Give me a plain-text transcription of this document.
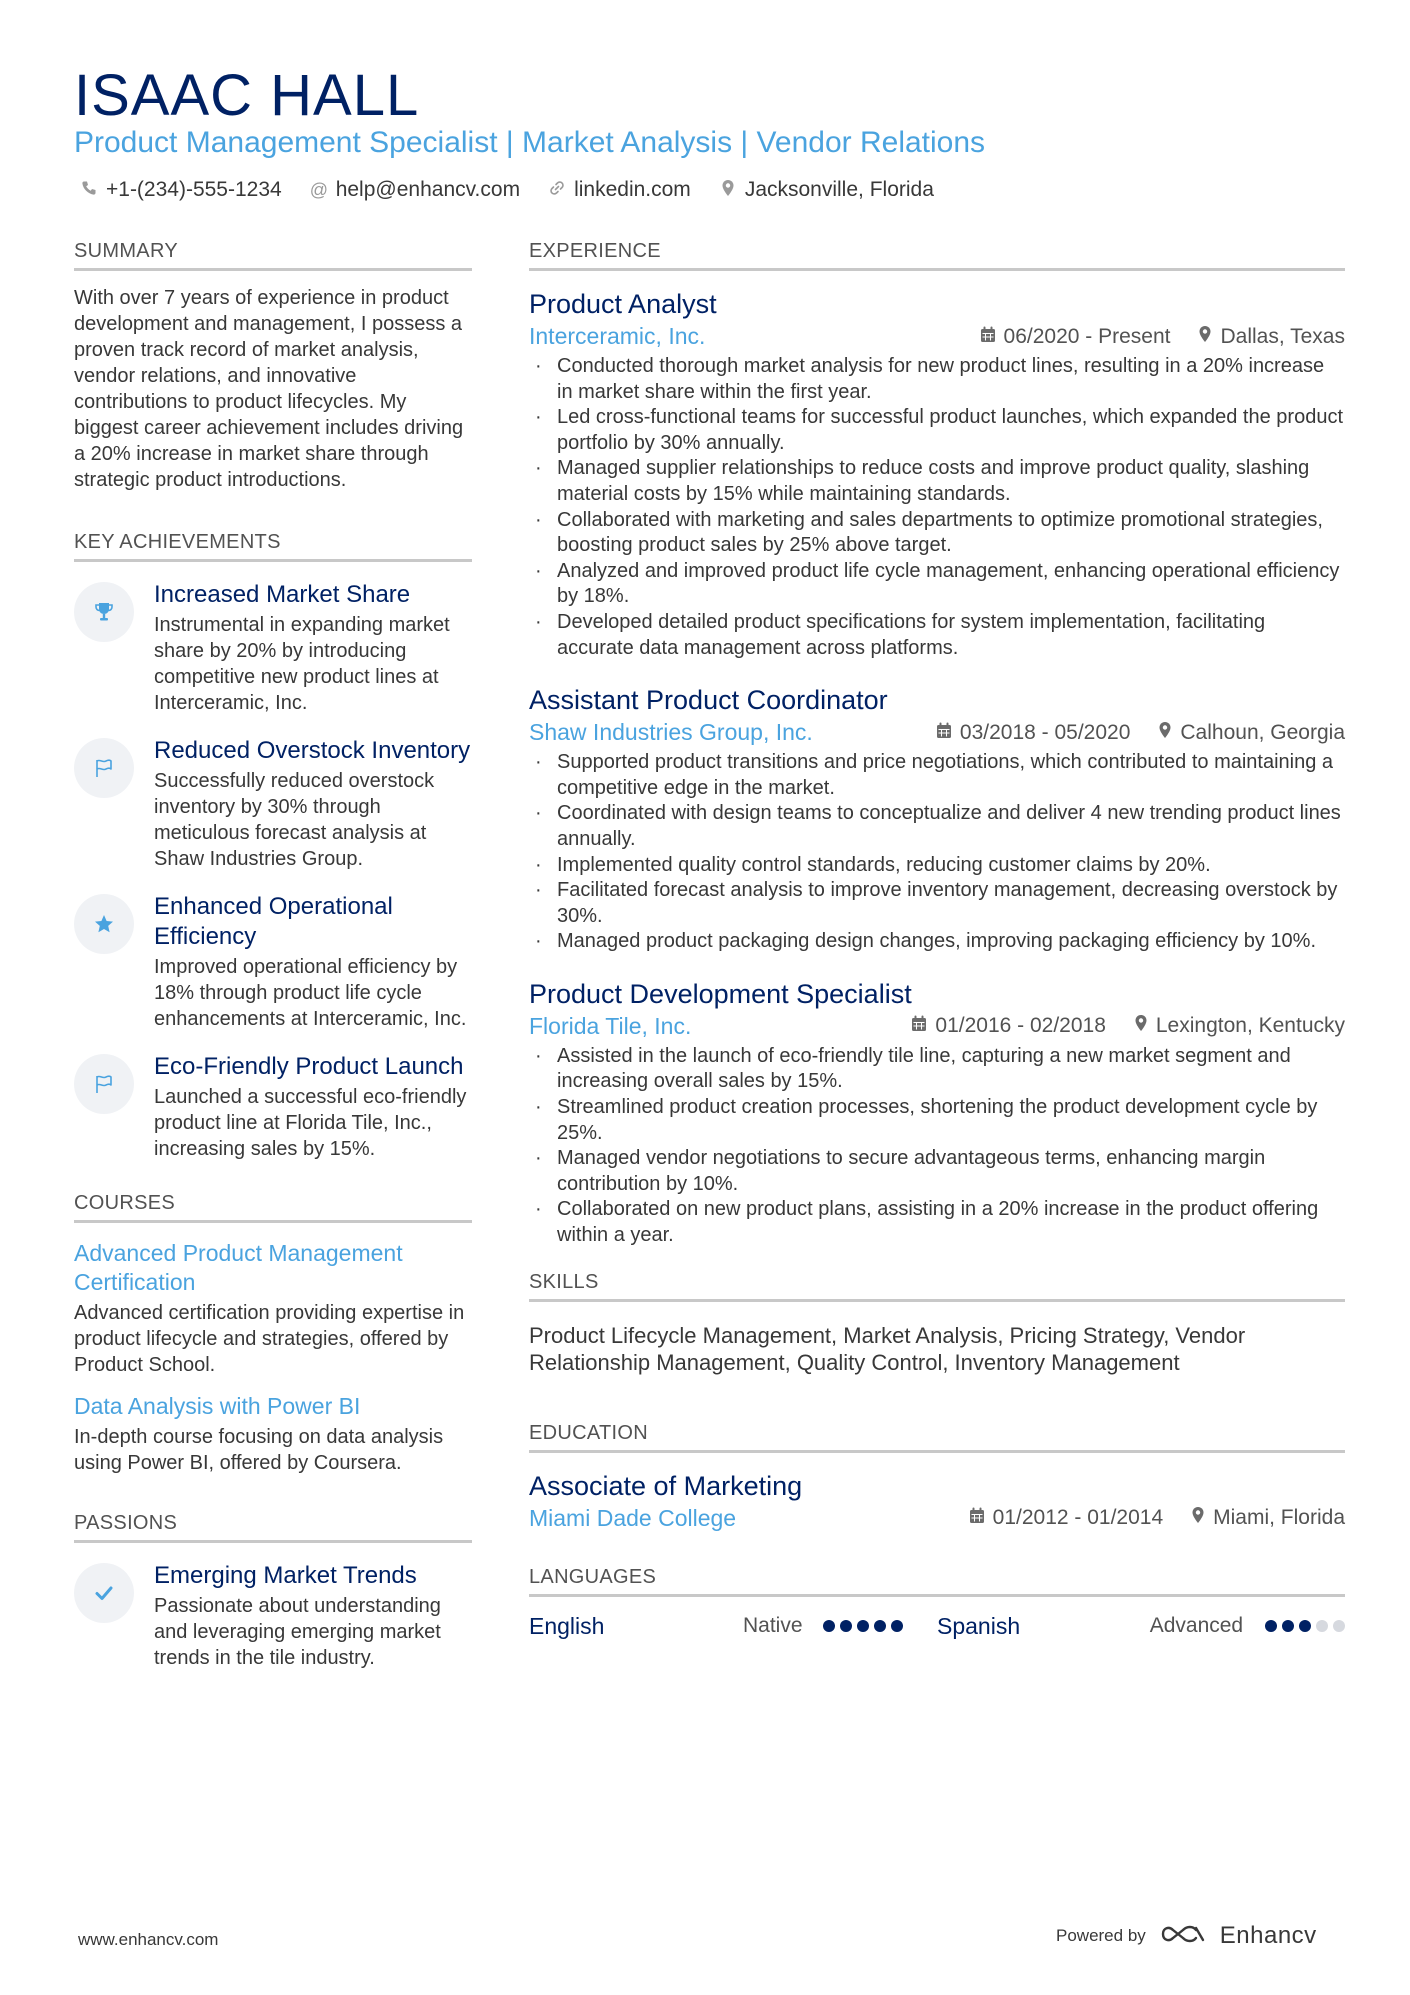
ISAAC HALL
Product Management Specialist | Market Analysis | Vendor Relations
+1-(234)-555-1234 @ help@enhancv.com	linkedin.com	Jacksonville, Florida
SUMMARY
With over 7 years of experience in product development and management, I possess a proven track record of market analysis, vendor relations, and innovative contributions to product lifecycles. My biggest career achievement includes driving a 20% increase in market share through strategic product introductions.
KEY ACHIEVEMENTS
Increased Market Share
Instrumental in expanding market share by 20% by introducing competitive new product lines at Interceramic, Inc.
Reduced Overstock Inventory
Successfully reduced overstock inventory by 30% through meticulous forecast analysis at Shaw Industries Group.
Enhanced Operational Efficiency
Improved operational efficiency by 18% through product life cycle enhancements at Interceramic, Inc.
Eco-Friendly Product Launch
Launched a successful eco-friendly product line at Florida Tile, Inc., increasing sales by 15%.
COURSES
Advanced Product Management Certification
Advanced certification providing expertise in product lifecycle and strategies, offered by Product School.
Data Analysis with Power BI
In-depth course focusing on data analysis using Power BI, offered by Coursera.
PASSIONS
Emerging Market Trends
Passionate about understanding and leveraging emerging market trends in the tile industry.
EXPERIENCE
Product Analyst
Interceramic, Inc.	06/2020 - Present Dallas, Texas
· Conducted thorough market analysis for new product lines, resulting in a 20% increase in market share within the first year.
· Led cross-functional teams for successful product launches, which expanded the product portfolio by 30% annually.
· Managed supplier relationships to reduce costs and improve product quality, slashing material costs by 15% while maintaining standards.
· Collaborated with marketing and sales departments to optimize promotional strategies, boosting product sales by 25% above target.
· Analyzed and improved product life cycle management, enhancing operational efficiency by 18%.
· Developed detailed product specifications for system implementation, facilitating accurate data management across platforms.
Assistant Product Coordinator
Shaw Industries Group, Inc.	03/2018 - 05/2020 Calhoun, Georgia
· Supported product transitions and price negotiations, which contributed to maintaining a competitive edge in the market.
· Coordinated with design teams to conceptualize and deliver 4 new trending product lines annually.
· Implemented quality control standards, reducing customer claims by 20%.
· Facilitated forecast analysis to improve inventory management, decreasing overstock by 30%.
· Managed product packaging design changes, improving packaging efficiency by 10%.
Product Development Specialist
Florida Tile, Inc.	01/2016 - 02/2018 Lexington, Kentucky
· Assisted in the launch of eco-friendly tile line, capturing a new market segment and increasing overall sales by 15%.
· Streamlined product creation processes, shortening the product development cycle by 25%.
· Managed vendor negotiations to secure advantageous terms, enhancing margin contribution by 10%.
· Collaborated on new product plans, assisting in a 20% increase in the product offering within a year.
SKILLS
Product Lifecycle Management, Market Analysis, Pricing Strategy, Vendor Relationship Management, Quality Control, Inventory Management
EDUCATION
Associate of Marketing
Miami Dade College	01/2012 - 01/2014 Miami, Florida
LANGUAGES
English	Native	Spanish	Advanced
www.enhancv.com	Powered by	Enhancv
